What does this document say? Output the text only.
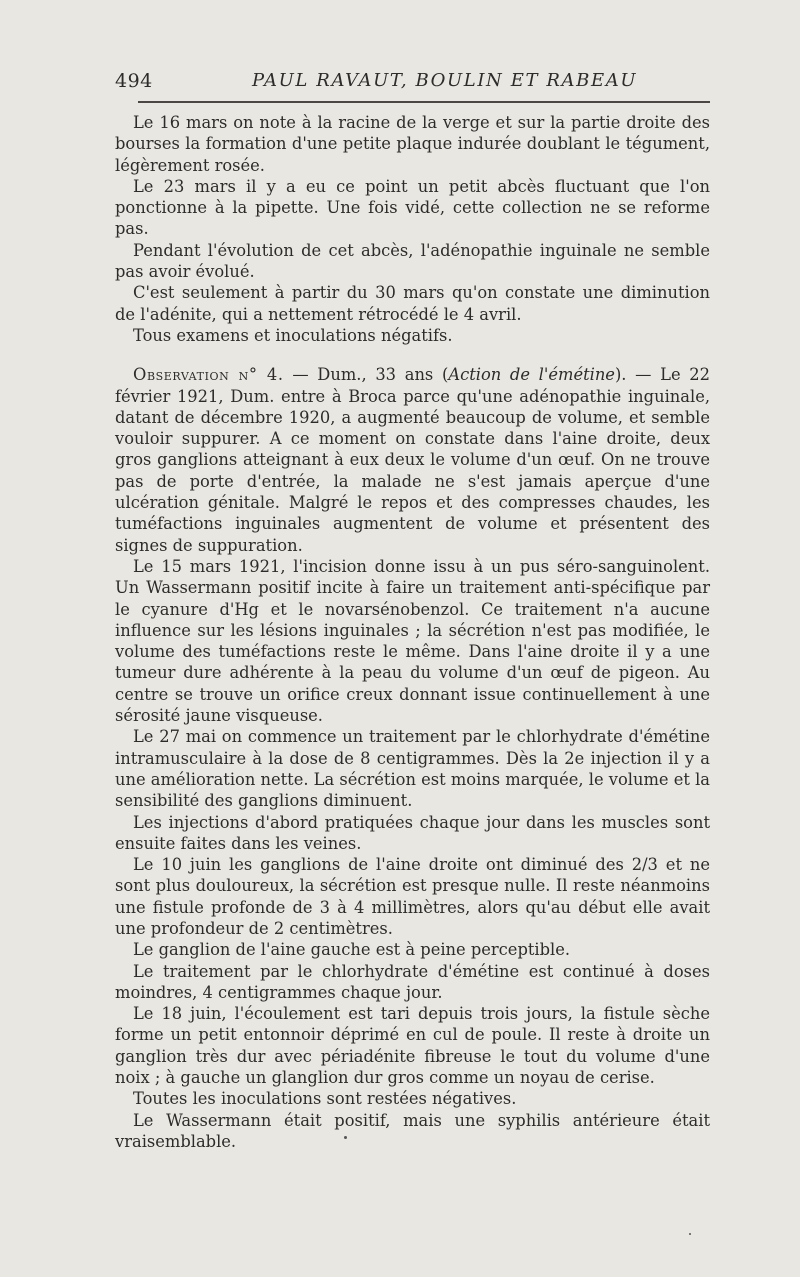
494	PAUL RAVAUT, BOULIN ET RABEAU

Le 16 mars on note à la racine de la verge et sur la partie droite des bourses la formation d'une petite plaque indurée doublant le tégument, légèrement rosée.

Le 23 mars il y a eu ce point un petit abcès fluctuant que l'on ponctionne à la pipette. Une fois vidé, cette collection ne se reforme pas.

Pendant l'évolution de cet abcès, l'adénopathie inguinale ne semble pas avoir évolué.

C'est seulement à partir du 30 mars qu'on constate une diminution de l'adénite, qui a nettement rétrocédé le 4 avril.

Tous examens et inoculations négatifs.

Observation n° 4. — Dum., 33 ans (Action de l'émétine). — Le 22 février 1921, Dum. entre à Broca parce qu'une adénopathie inguinale, datant de décembre 1920, a augmenté beaucoup de volume, et semble vouloir suppurer. A ce moment on constate dans l'aine droite, deux gros ganglions atteignant à eux deux le volume d'un œuf. On ne trouve pas de porte d'entrée, la malade ne s'est jamais aperçue d'une ulcération génitale. Malgré le repos et des compresses chaudes, les tuméfactions inguinales augmentent de volume et présentent des signes de suppuration.

Le 15 mars 1921, l'incision donne issu à un pus séro-sanguinolent. Un Wassermann positif incite à faire un traitement anti-spécifique par le cyanure d'Hg et le novarsénobenzol. Ce traitement n'a aucune influence sur les lésions inguinales ; la sécrétion n'est pas modifiée, le volume des tuméfactions reste le même. Dans l'aine droite il y a une tumeur dure adhérente à la peau du volume d'un œuf de pigeon. Au centre se trouve un orifice creux donnant issue continuellement à une sérosité jaune visqueuse.

Le 27 mai on commence un traitement par le chlorhydrate d'émétine intramusculaire à la dose de 8 centigrammes. Dès la 2e injection il y a une amélioration nette. La sécrétion est moins marquée, le volume et la sensibilité des ganglions diminuent.

Les injections d'abord pratiquées chaque jour dans les muscles sont ensuite faites dans les veines.

Le 10 juin les ganglions de l'aine droite ont diminué des 2/3 et ne sont plus douloureux, la sécrétion est presque nulle. Il reste néanmoins une fistule profonde de 3 à 4 millimètres, alors qu'au début elle avait une profondeur de 2 centimètres.

Le ganglion de l'aine gauche est à peine perceptible.

Le traitement par le chlorhydrate d'émétine est continué à doses moindres, 4 centigrammes chaque jour.

Le 18 juin, l'écoulement est tari depuis trois jours, la fistule sèche forme un petit entonnoir déprimé en cul de poule. Il reste à droite un ganglion très dur avec périadénite fibreuse le tout du volume d'une noix ; à gauche un glanglion dur gros comme un noyau de cerise.

Toutes les inoculations sont restées négatives.

Le Wassermann était positif, mais une syphilis antérieure était vraisemblable.
